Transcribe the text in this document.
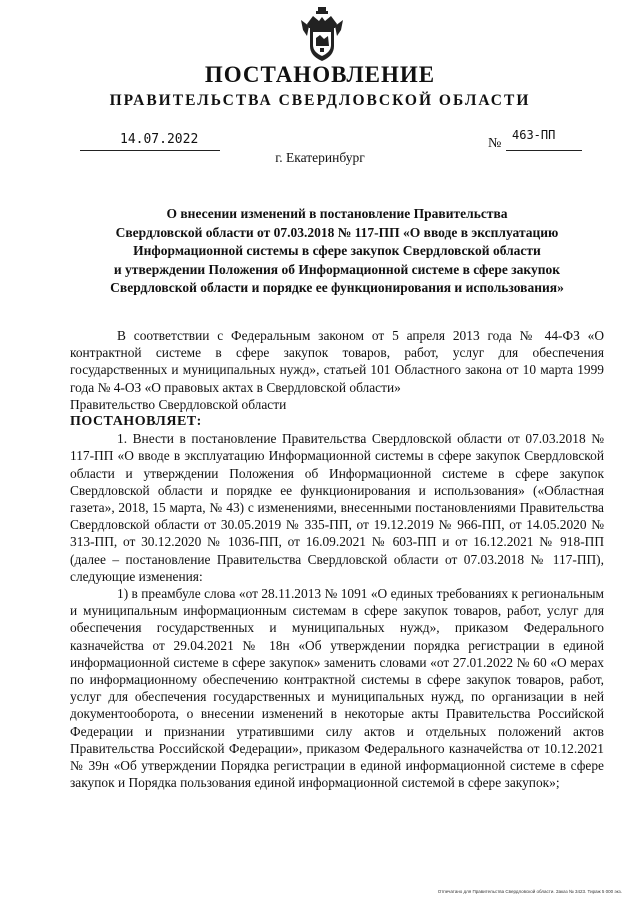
ПОСТАНОВЛЕНИЕ
ПРАВИТЕЛЬСТВА СВЕРДЛОВСКОЙ ОБЛАСТИ
14.07.2022	№
463-ПП
г. Екатеринбург
О внесении изменений в постановление Правительства
Свердловской области от 07.03.2018 № 117-ПП «О вводе в эксплуатацию
Информационной системы в сфере закупок Свердловской области
и утверждении Положения об Информационной системе в сфере закупок
Свердловской области и порядке ее функционирования и использования»

В соответствии с Федеральным законом от 5 апреля 2013 года № 44-ФЗ «О контрактной системе в сфере закупок товаров, работ, услуг для обеспечения государственных и муниципальных нужд», статьей 101 Областного закона от 10 марта 1999 года № 4-ОЗ «О правовых актах в Свердловской области»

Правительство Свердловской области

ПОСТАНОВЛЯЕТ:

1. Внести в постановление Правительства Свердловской области от 07.03.2018 № 117-ПП «О вводе в эксплуатацию Информационной системы в сфере закупок Свердловской области и утверждении Положения об Информационной системе в сфере закупок Свердловской области и порядке ее функционирования и использования» («Областная газета», 2018, 15 марта, № 43) с изменениями, внесенными постановлениями Правительства Свердловской области от 30.05.2019 № 335-ПП, от 19.12.2019 № 966-ПП, от 14.05.2020 № 313-ПП, от 30.12.2020 № 1036-ПП, от 16.09.2021 № 603-ПП и от 16.12.2021 № 918-ПП (далее – постановление Правительства Свердловской области от 07.03.2018 № 117-ПП), следующие изменения:

1) в преамбуле слова «от 28.11.2013 № 1091 «О единых требованиях к региональным и муниципальным информационным системам в сфере закупок товаров, работ, услуг для обеспечения государственных и муниципальных нужд», приказом Федерального казначейства от 29.04.2021 № 18н «Об утверждении порядка регистрации в единой информационной системе в сфере закупок» заменить словами «от 27.01.2022 № 60 «О мерах по информационному обеспечению контрактной системы в сфере закупок товаров, работ, услуг для обеспечения государственных и муниципальных нужд, по организации в ней документооборота, о внесении изменений в некоторые акты Правительства Российской Федерации и признании утратившими силу актов и отдельных положений актов Правительства Российской Федерации», приказом Федерального казначейства от 10.12.2021 № 39н «Об утверждении Порядка регистрации в единой информационной системе в сфере закупок и Порядка пользования единой информационной системой в сфере закупок»;

Отпечатано для Правительства Свердловской области. Заказ № 3423. Тираж 5 000 экз.
